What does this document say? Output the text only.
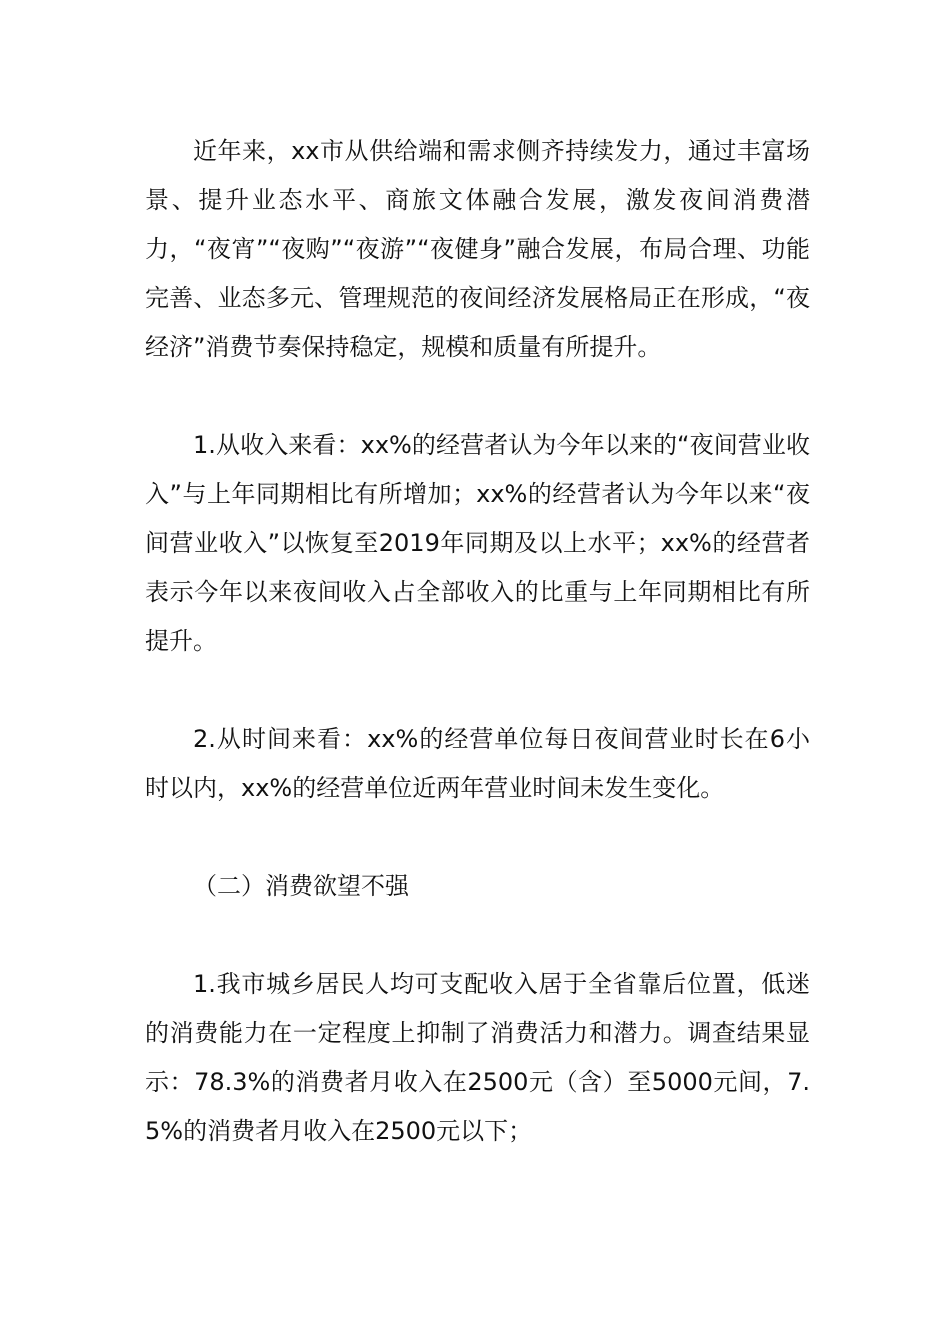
近年来，xx市从供给端和需求侧齐持续发力，通过丰富场景、提升业态水平、商旅文体融合发展，激发夜间消费潜力，“夜宵”“夜购”“夜游”“夜健身”融合发展，布局合理、功能完善、业态多元、管理规范的夜间经济发展格局正在形成，“夜经济”消费节奏保持稳定，规模和质量有所提升。

1.从收入来看：xx%的经营者认为今年以来的“夜间营业收入”与上年同期相比有所增加；xx%的经营者认为今年以来“夜间营业收入”以恢复至2019年同期及以上水平；xx%的经营者表示今年以来夜间收入占全部收入的比重与上年同期相比有所提升。

2.从时间来看：xx%的经营单位每日夜间营业时长在6小时以内，xx%的经营单位近两年营业时间未发生变化。

（二）消费欲望不强

1.我市城乡居民人均可支配收入居于全省靠后位置，低迷的消费能力在一定程度上抑制了消费活力和潜力。调查结果显示：78.3%的消费者月收入在2500元（含）至5000元间，7.5%的消费者月收入在2500元以下；
